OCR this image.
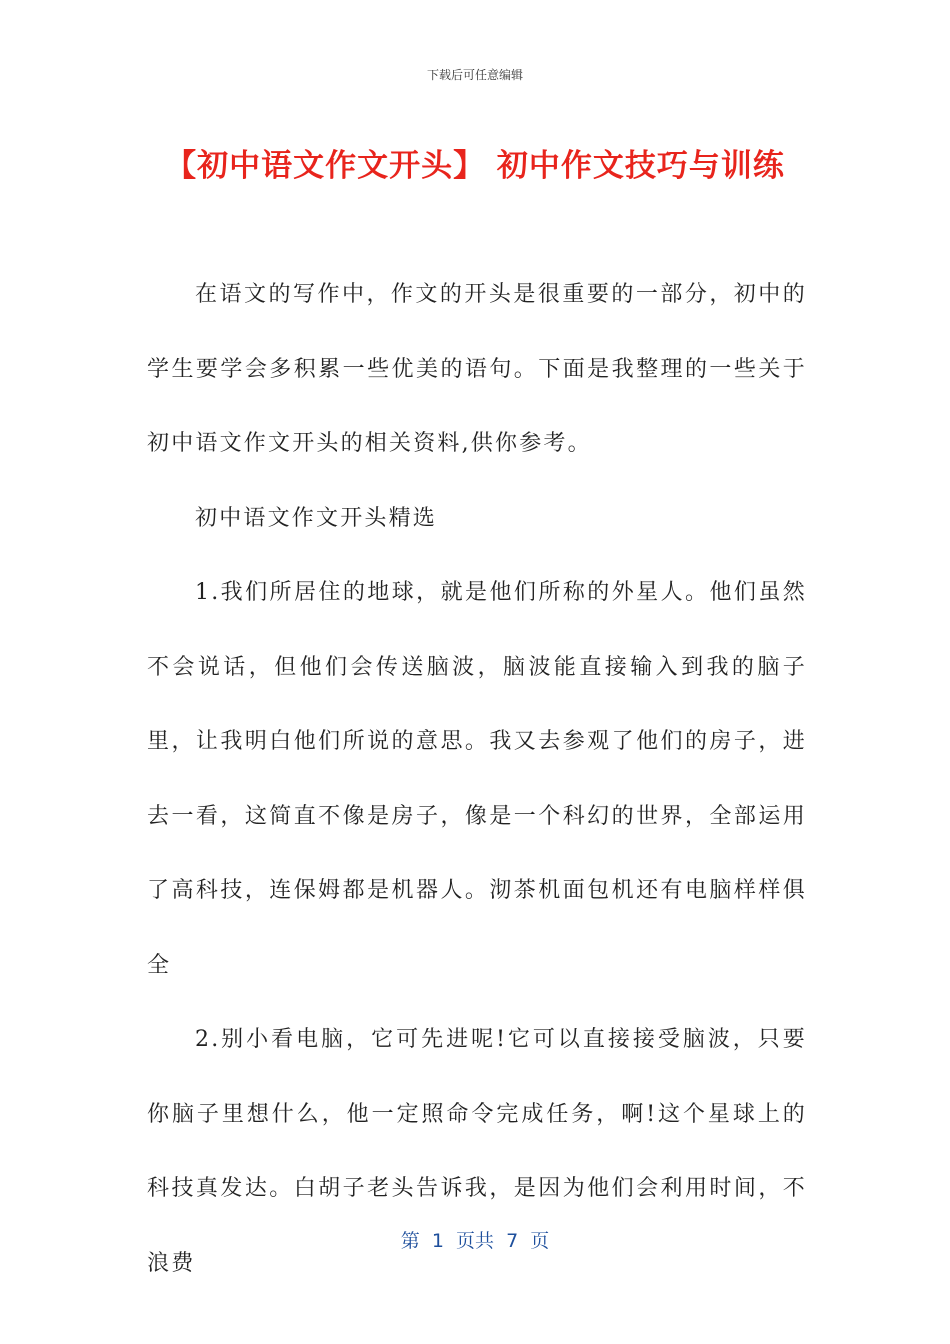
下载后可任意编辑
【初中语文作文开头】 初中作文技巧与训练

在语文的写作中，作文的开头是很重要的一部分，初中的学生要学会多积累一些优美的语句。下面是我整理的一些关于初中语文作文开头的相关资料,供你参考。

初中语文作文开头精选

1.我们所居住的地球，就是他们所称的外星人。他们虽然不会说话，但他们会传送脑波，脑波能直接输入到我的脑子里，让我明白他们所说的意思。我又去参观了他们的房子，进去一看，这简直不像是房子，像是一个科幻的世界，全部运用了高科技，连保姆都是机器人。沏茶机面包机还有电脑样样俱全

2.别小看电脑，它可先进呢!它可以直接接受脑波，只要你脑子里想什么，他一定照命令完成任务，啊!这个星球上的科技真发达。白胡子老头告诉我，是因为他们会利用时间，不浪费

第  1  页共  7  页
